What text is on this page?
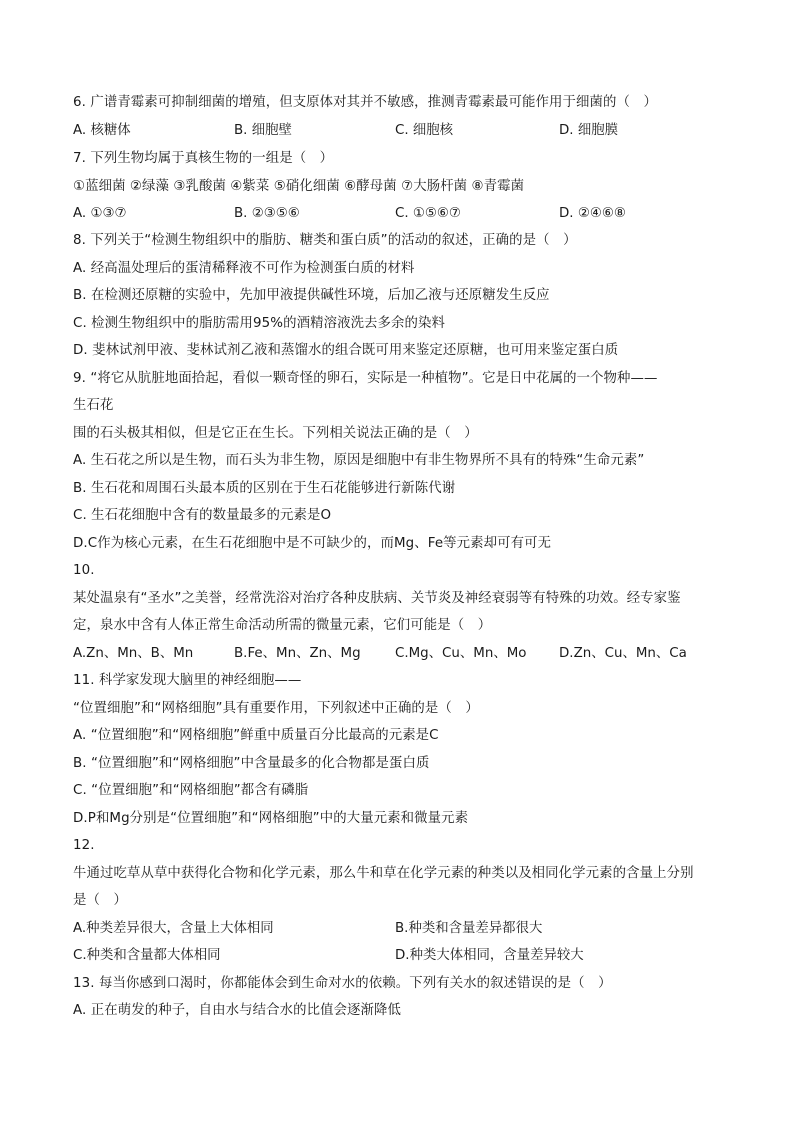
6. 广谱青霉素可抑制细菌的增殖，但支原体对其并不敏感，推测青霉素最可能作用于细菌的（　）
A. 核糖体	B. 细胞壁	C. 细胞核	D. 细胞膜
7. 下列生物均属于真核生物的一组是（　）
①蓝细菌 ②绿藻 ③乳酸菌 ④紫菜 ⑤硝化细菌 ⑥酵母菌 ⑦大肠杆菌 ⑧青霉菌
A. ①③⑦	B. ②③⑤⑥	C. ①⑤⑥⑦	D. ②④⑥⑧
8. 下列关于“检测生物组织中的脂肪、糖类和蛋白质”的活动的叙述，正确的是（　）
A. 经高温处理后的蛋清稀释液不可作为检测蛋白质的材料
B. 在检测还原糖的实验中，先加甲液提供碱性环境，后加乙液与还原糖发生反应
C. 检测生物组织中的脂肪需用95%的酒精溶液洗去多余的染料
D. 斐林试剂甲液、斐林试剂乙液和蒸馏水的组合既可用来鉴定还原糖，也可用来鉴定蛋白质
9. “将它从肮脏地面拾起，看似一颗奇怪的卵石，实际是一种植物”。它是日中花属的一个物种——
生石花
围的石头极其相似，但是它正在生长。下列相关说法正确的是（　）
A. 生石花之所以是生物，而石头为非生物，原因是细胞中有非生物界所不具有的特殊“生命元素”
B. 生石花和周围石头最本质的区别在于生石花能够进行新陈代谢
C. 生石花细胞中含有的数量最多的元素是O
D.C作为核心元素，在生石花细胞中是不可缺少的，而Mg、Fe等元素却可有可无
10.
某处温泉有“圣水”之美誉，经常洗浴对治疗各种皮肤病、关节炎及神经衰弱等有特殊的功效。经专家鉴
定，泉水中含有人体正常生命活动所需的微量元素，它们可能是（　）
A.Zn、Mn、B、Mn	B.Fe、Mn、Zn、Mg	C.Mg、Cu、Mn、Mo D.Zn、Cu、Mn、Ca
11. 科学家发现大脑里的神经细胞——
“位置细胞”和“网格细胞”具有重要作用，下列叙述中正确的是（　）
A. “位置细胞”和“网格细胞”鲜重中质量百分比最高的元素是C
B. “位置细胞”和“网格细胞”中含量最多的化合物都是蛋白质
C. “位置细胞”和“网格细胞”都含有磷脂
D.P和Mg分别是“位置细胞”和“网格细胞”中的大量元素和微量元素
12.
牛通过吃草从草中获得化合物和化学元素，那么牛和草在化学元素的种类以及相同化学元素的含量上分别
是（　）
A.种类差异很大，含量上大体相同	B.种类和含量差异都很大
C.种类和含量都大体相同	D.种类大体相同，含量差异较大
13. 每当你感到口渴时，你都能体会到生命对水的依赖。下列有关水的叙述错误的是（　）
A. 正在萌发的种子，自由水与结合水的比值会逐渐降低
